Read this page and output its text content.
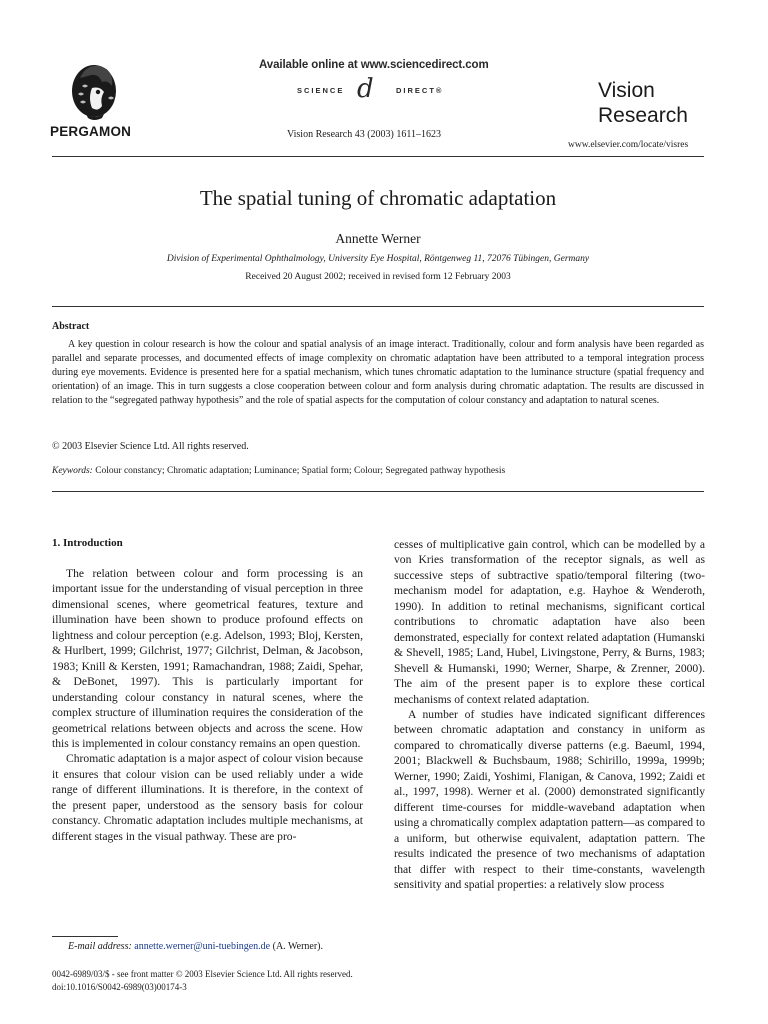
PERGAMON
Available online at www.sciencedirect.com
SCIENCE d	DIRECT®
Vision Research 43 (2003) 1611–1623
Vision
Research
www.elsevier.com/locate/visres
The spatial tuning of chromatic adaptation
Annette Werner
Division of Experimental Ophthalmology, University Eye Hospital, Röntgenweg 11, 72076 Tübingen, Germany
Received 20 August 2002; received in revised form 12 February 2003
Abstract

A key question in colour research is how the colour and spatial analysis of an image interact. Traditionally, colour and form analysis have been regarded as parallel and separate processes, and documented effects of image complexity on chromatic adaptation have been attributed to a temporal integration process during eye movements. Evidence is presented here for a spatial mechanism, which tunes chromatic adaptation to the luminance structure (spatial frequency and orientation) of an image. This in turn suggests a close cooperation between colour and form analysis during chromatic adaptation. The results are discussed in relation to the “segregated pathway hypothesis” and the role of spatial aspects for the computation of colour constancy and adaptation to natural scenes.

© 2003 Elsevier Science Ltd. All rights reserved.
Keywords: Colour constancy; Chromatic adaptation; Luminance; Spatial form; Colour; Segregated pathway hypothesis
1. Introduction

The relation between colour and form processing is an important issue for the understanding of visual perception in three dimensional scenes, where geometrical features, texture and illumination have been shown to produce profound effects on lightness and colour perception (e.g. Adelson, 1993; Bloj, Kersten, & Hurlbert, 1999; Gilchrist, 1977; Gilchrist, Delman, & Jacobson, 1983; Knill & Kersten, 1991; Ramachandran, 1988; Zaidi, Spehar, & DeBonet, 1997). This is particularly important for understanding colour constancy in natural scenes, where the complex structure of illumination requires the consideration of the geometrical relations between objects and across the scene. How this is implemented in colour constancy remains an open question.

Chromatic adaptation is a major aspect of colour vision because it ensures that colour vision can be used reliably under a wide range of different illuminations. It is therefore, in the context of the present paper, understood as the sensory basis for colour constancy. Chromatic adaptation includes multiple mechanisms, at different stages in the visual pathway. These are pro-

cesses of multiplicative gain control, which can be modelled by a von Kries transformation of the receptor signals, as well as successive steps of subtractive spatio/temporal filtering (two-mechanism model for adaptation, e.g. Hayhoe & Wenderoth, 1990). In addition to retinal mechanisms, significant cortical contributions to chromatic adaptation have also been demonstrated, especially for context related adaptation (Humanski & Shevell, 1985; Land, Hubel, Livingstone, Perry, & Burns, 1983; Shevell & Humanski, 1990; Werner, Sharpe, & Zrenner, 2000). The aim of the present paper is to explore these cortical mechanisms of context related adaptation.

A number of studies have indicated significant differences between chromatic adaptation and constancy in uniform as compared to chromatically diverse patterns (e.g. Baeuml, 1994, 2001; Blackwell & Buchsbaum, 1988; Schirillo, 1999a, 1999b; Werner, 1990; Zaidi, Yoshimi, Flanigan, & Canova, 1992; Zaidi et al., 1997, 1998). Werner et al. (2000) demonstrated significantly different time-courses for middle-waveband adaptation when using a chromatically complex adaptation pattern—as compared to a uniform, but otherwise equivalent, adaptation pattern. The results indicated the presence of two mechanisms of adaptation that differ with respect to their time-constants, wavelength sensitivity and spatial properties: a relatively slow process

E-mail address: annette.werner@uni-tuebingen.de (A. Werner).
0042-6989/03/$ - see front matter © 2003 Elsevier Science Ltd. All rights reserved.
doi:10.1016/S0042-6989(03)00174-3
